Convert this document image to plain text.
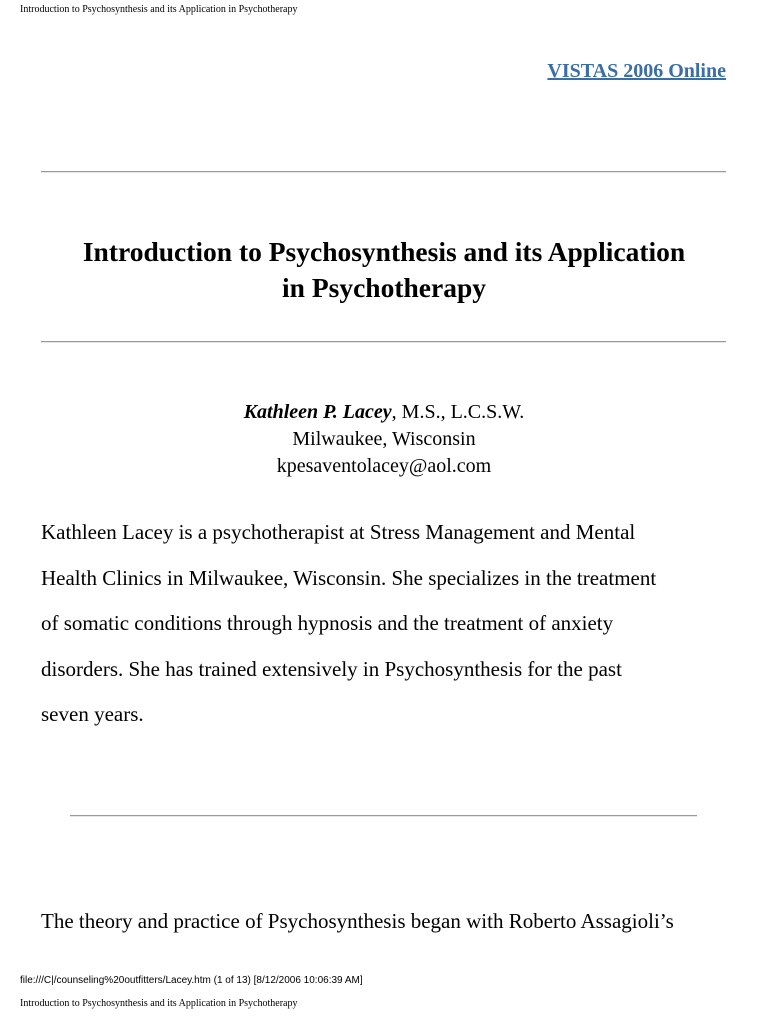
Introduction to Psychosynthesis and its Application in Psychotherapy
VISTAS 2006 Online
Introduction to Psychosynthesis and its Application
in Psychotherapy
Kathleen P. Lacey, M.S., L.C.S.W.
Milwaukee, Wisconsin
kpesaventolacey@aol.com

Kathleen Lacey is a psychotherapist at Stress Management and Mental
Health Clinics in Milwaukee, Wisconsin. She specializes in the treatment
of somatic conditions through hypnosis and the treatment of anxiety
disorders. She has trained extensively in Psychosynthesis for the past
seven years.

The theory and practice of Psychosynthesis began with Roberto Assagioli’s

file:///C|/counseling%20outfitters/Lacey.htm (1 of 13) [8/12/2006 10:06:39 AM]
Introduction to Psychosynthesis and its Application in Psychotherapy
